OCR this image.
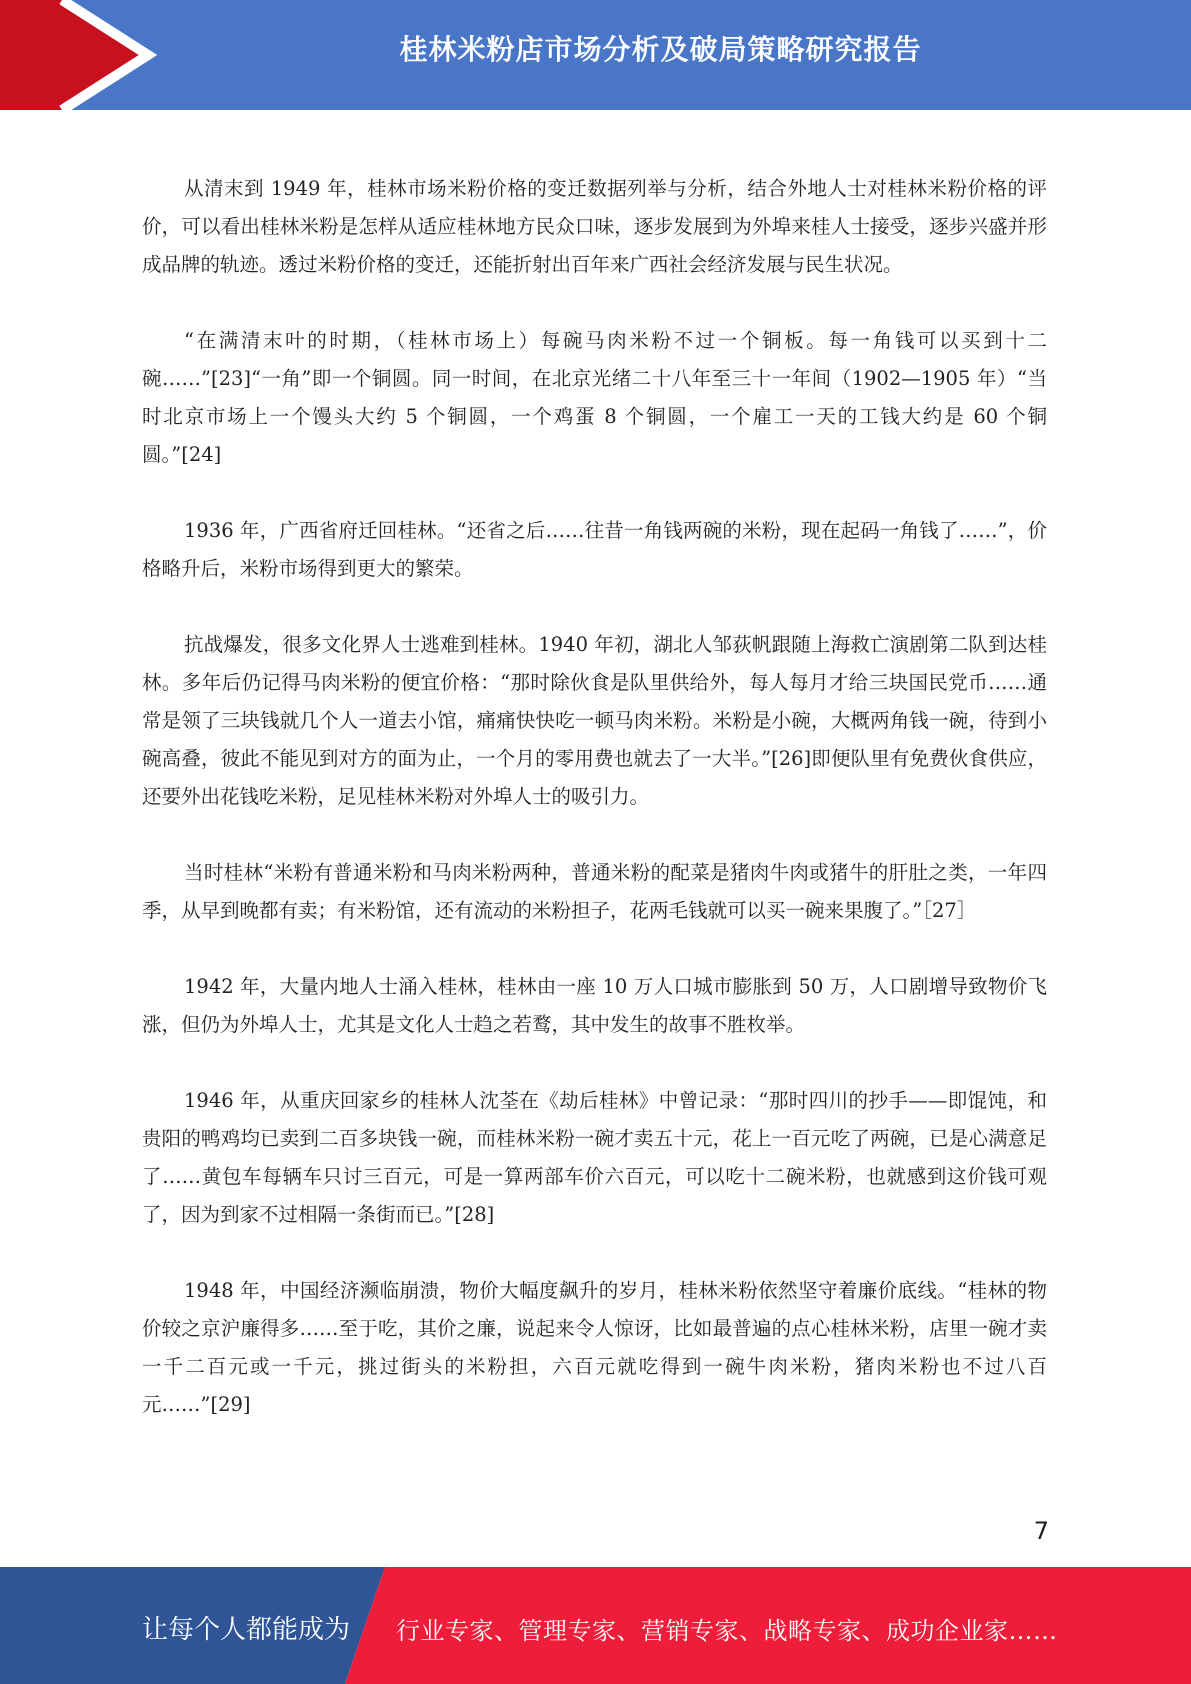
桂林米粉店市场分析及破局策略研究报告

从清末到 1949 年，桂林市场米粉价格的变迁数据列举与分析，结合外地人士对桂林米粉价格的评价，可以看出桂林米粉是怎样从适应桂林地方民众口味，逐步发展到为外埠来桂人士接受，逐步兴盛并形成品牌的轨迹。透过米粉价格的变迁，还能折射出百年来广西社会经济发展与民生状况。

“在满清末叶的时期，（桂林市场上）每碗马肉米粉不过一个铜板。每一角钱可以买到十二碗……”[23]“一角”即一个铜圆。同一时间，在北京光绪二十八年至三十一年间（1902—1905 年）“当时北京市场上一个馒头大约 5 个铜圆，一个鸡蛋 8 个铜圆，一个雇工一天的工钱大约是 60 个铜圆。”[24]

1936 年，广西省府迁回桂林。“还省之后……往昔一角钱两碗的米粉，现在起码一角钱了……”，价格略升后，米粉市场得到更大的繁荣。

抗战爆发，很多文化界人士逃难到桂林。1940 年初，湖北人邹荻帆跟随上海救亡演剧第二队到达桂林。多年后仍记得马肉米粉的便宜价格：“那时除伙食是队里供给外，每人每月才给三块国民党币……通常是领了三块钱就几个人一道去小馆，痛痛快快吃一顿马肉米粉。米粉是小碗，大概两角钱一碗，待到小碗高叠，彼此不能见到对方的面为止，一个月的零用费也就去了一大半。”[26]即便队里有免费伙食供应，还要外出花钱吃米粉，足见桂林米粉对外埠人士的吸引力。

当时桂林“米粉有普通米粉和马肉米粉两种，普通米粉的配菜是猪肉牛肉或猪牛的肝肚之类，一年四季，从早到晚都有卖；有米粉馆，还有流动的米粉担子，花两毛钱就可以买一碗来果腹了。”［27］

1942 年，大量内地人士涌入桂林，桂林由一座 10 万人口城市膨胀到 50 万，人口剧增导致物价飞涨，但仍为外埠人士，尤其是文化人士趋之若鹜，其中发生的故事不胜枚举。

1946 年，从重庆回家乡的桂林人沈荃在《劫后桂林》中曾记录：“那时四川的抄手——即馄饨，和贵阳的鸭鸡均已卖到二百多块钱一碗，而桂林米粉一碗才卖五十元，花上一百元吃了两碗，已是心满意足了……黄包车每辆车只讨三百元，可是一算两部车价六百元，可以吃十二碗米粉，也就感到这价钱可观了，因为到家不过相隔一条街而已。”[28]

1948 年，中国经济濒临崩溃，物价大幅度飙升的岁月，桂林米粉依然坚守着廉价底线。“桂林的物价较之京沪廉得多……至于吃，其价之廉，说起来令人惊讶，比如最普遍的点心桂林米粉，店里一碗才卖一千二百元或一千元，挑过街头的米粉担，六百元就吃得到一碗牛肉米粉，猪肉米粉也不过八百元……”[29]

7
让每个人都能成为 行业专家、管理专家、营销专家、战略专家、成功企业家……
